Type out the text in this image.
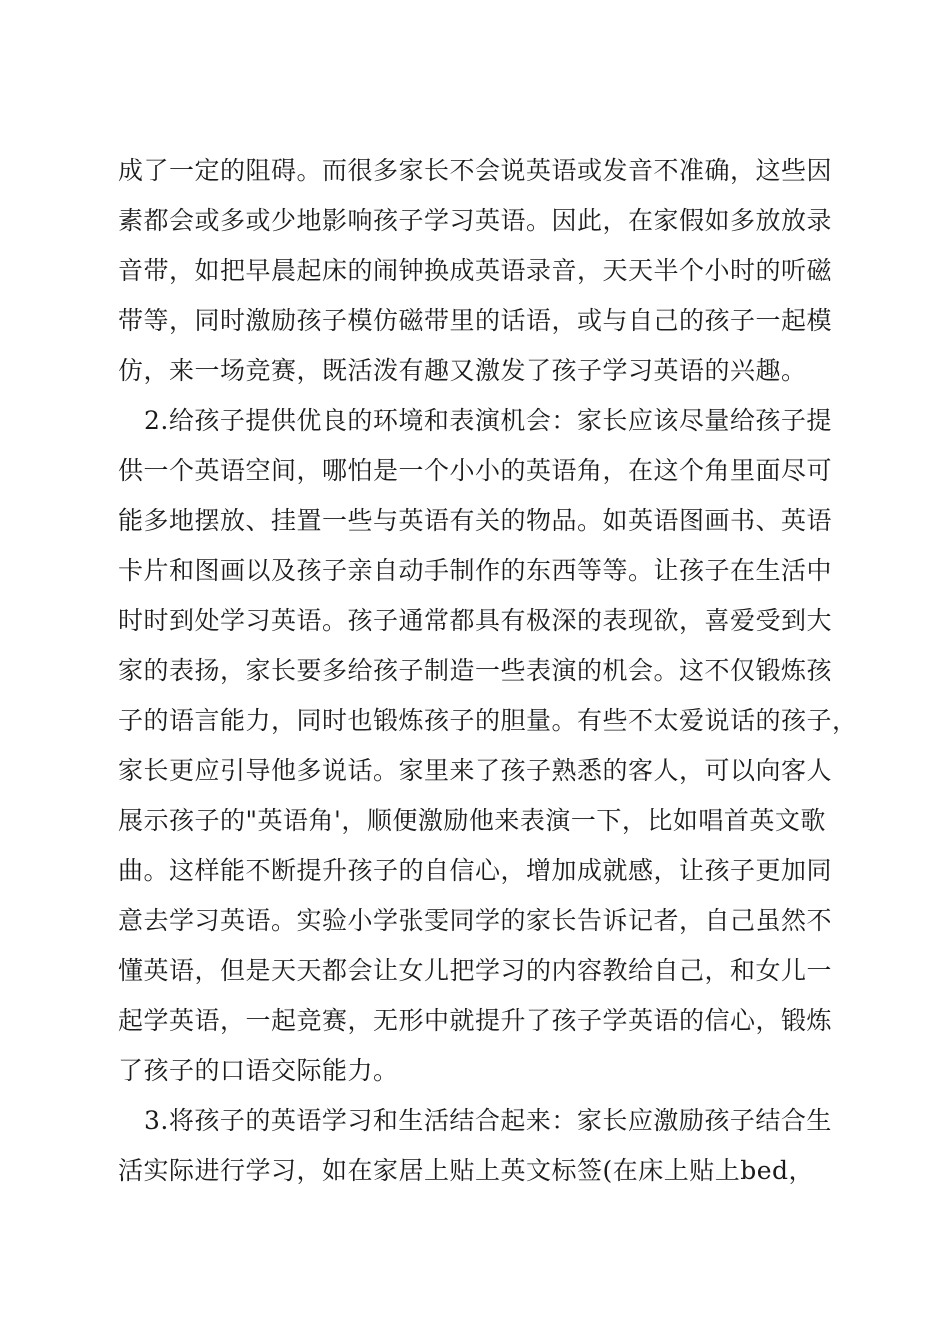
成了一定的阻碍。而很多家长不会说英语或发音不准确，这些因
素都会或多或少地影响孩子学习英语。因此，在家假如多放放录
音带，如把早晨起床的闹钟换成英语录音，天天半个小时的听磁
带等，同时激励孩子模仿磁带里的话语，或与自己的孩子一起模
仿，来一场竞赛，既活泼有趣又激发了孩子学习英语的兴趣。
2.给孩子提供优良的环境和表演机会：家长应该尽量给孩子提
供一个英语空间，哪怕是一个小小的英语角，在这个角里面尽可
能多地摆放、挂置一些与英语有关的物品。如英语图画书、英语
卡片和图画以及孩子亲自动手制作的东西等等。让孩子在生活中
时时到处学习英语。孩子通常都具有极深的表现欲，喜爱受到大
家的表扬，家长要多给孩子制造一些表演的机会。这不仅锻炼孩
子的语言能力，同时也锻炼孩子的胆量。有些不太爱说话的孩子，
家长更应引导他多说话。家里来了孩子熟悉的客人，可以向客人
展示孩子的"英语角'，顺便激励他来表演一下，比如唱首英文歌
曲。这样能不断提升孩子的自信心，增加成就感，让孩子更加同
意去学习英语。实验小学张雯同学的家长告诉记者，自己虽然不
懂英语，但是天天都会让女儿把学习的内容教给自己，和女儿一
起学英语，一起竞赛，无形中就提升了孩子学英语的信心，锻炼
了孩子的口语交际能力。
3.将孩子的英语学习和生活结合起来：家长应激励孩子结合生
活实际进行学习，如在家居上贴上英文标签(在床上贴上bed，
